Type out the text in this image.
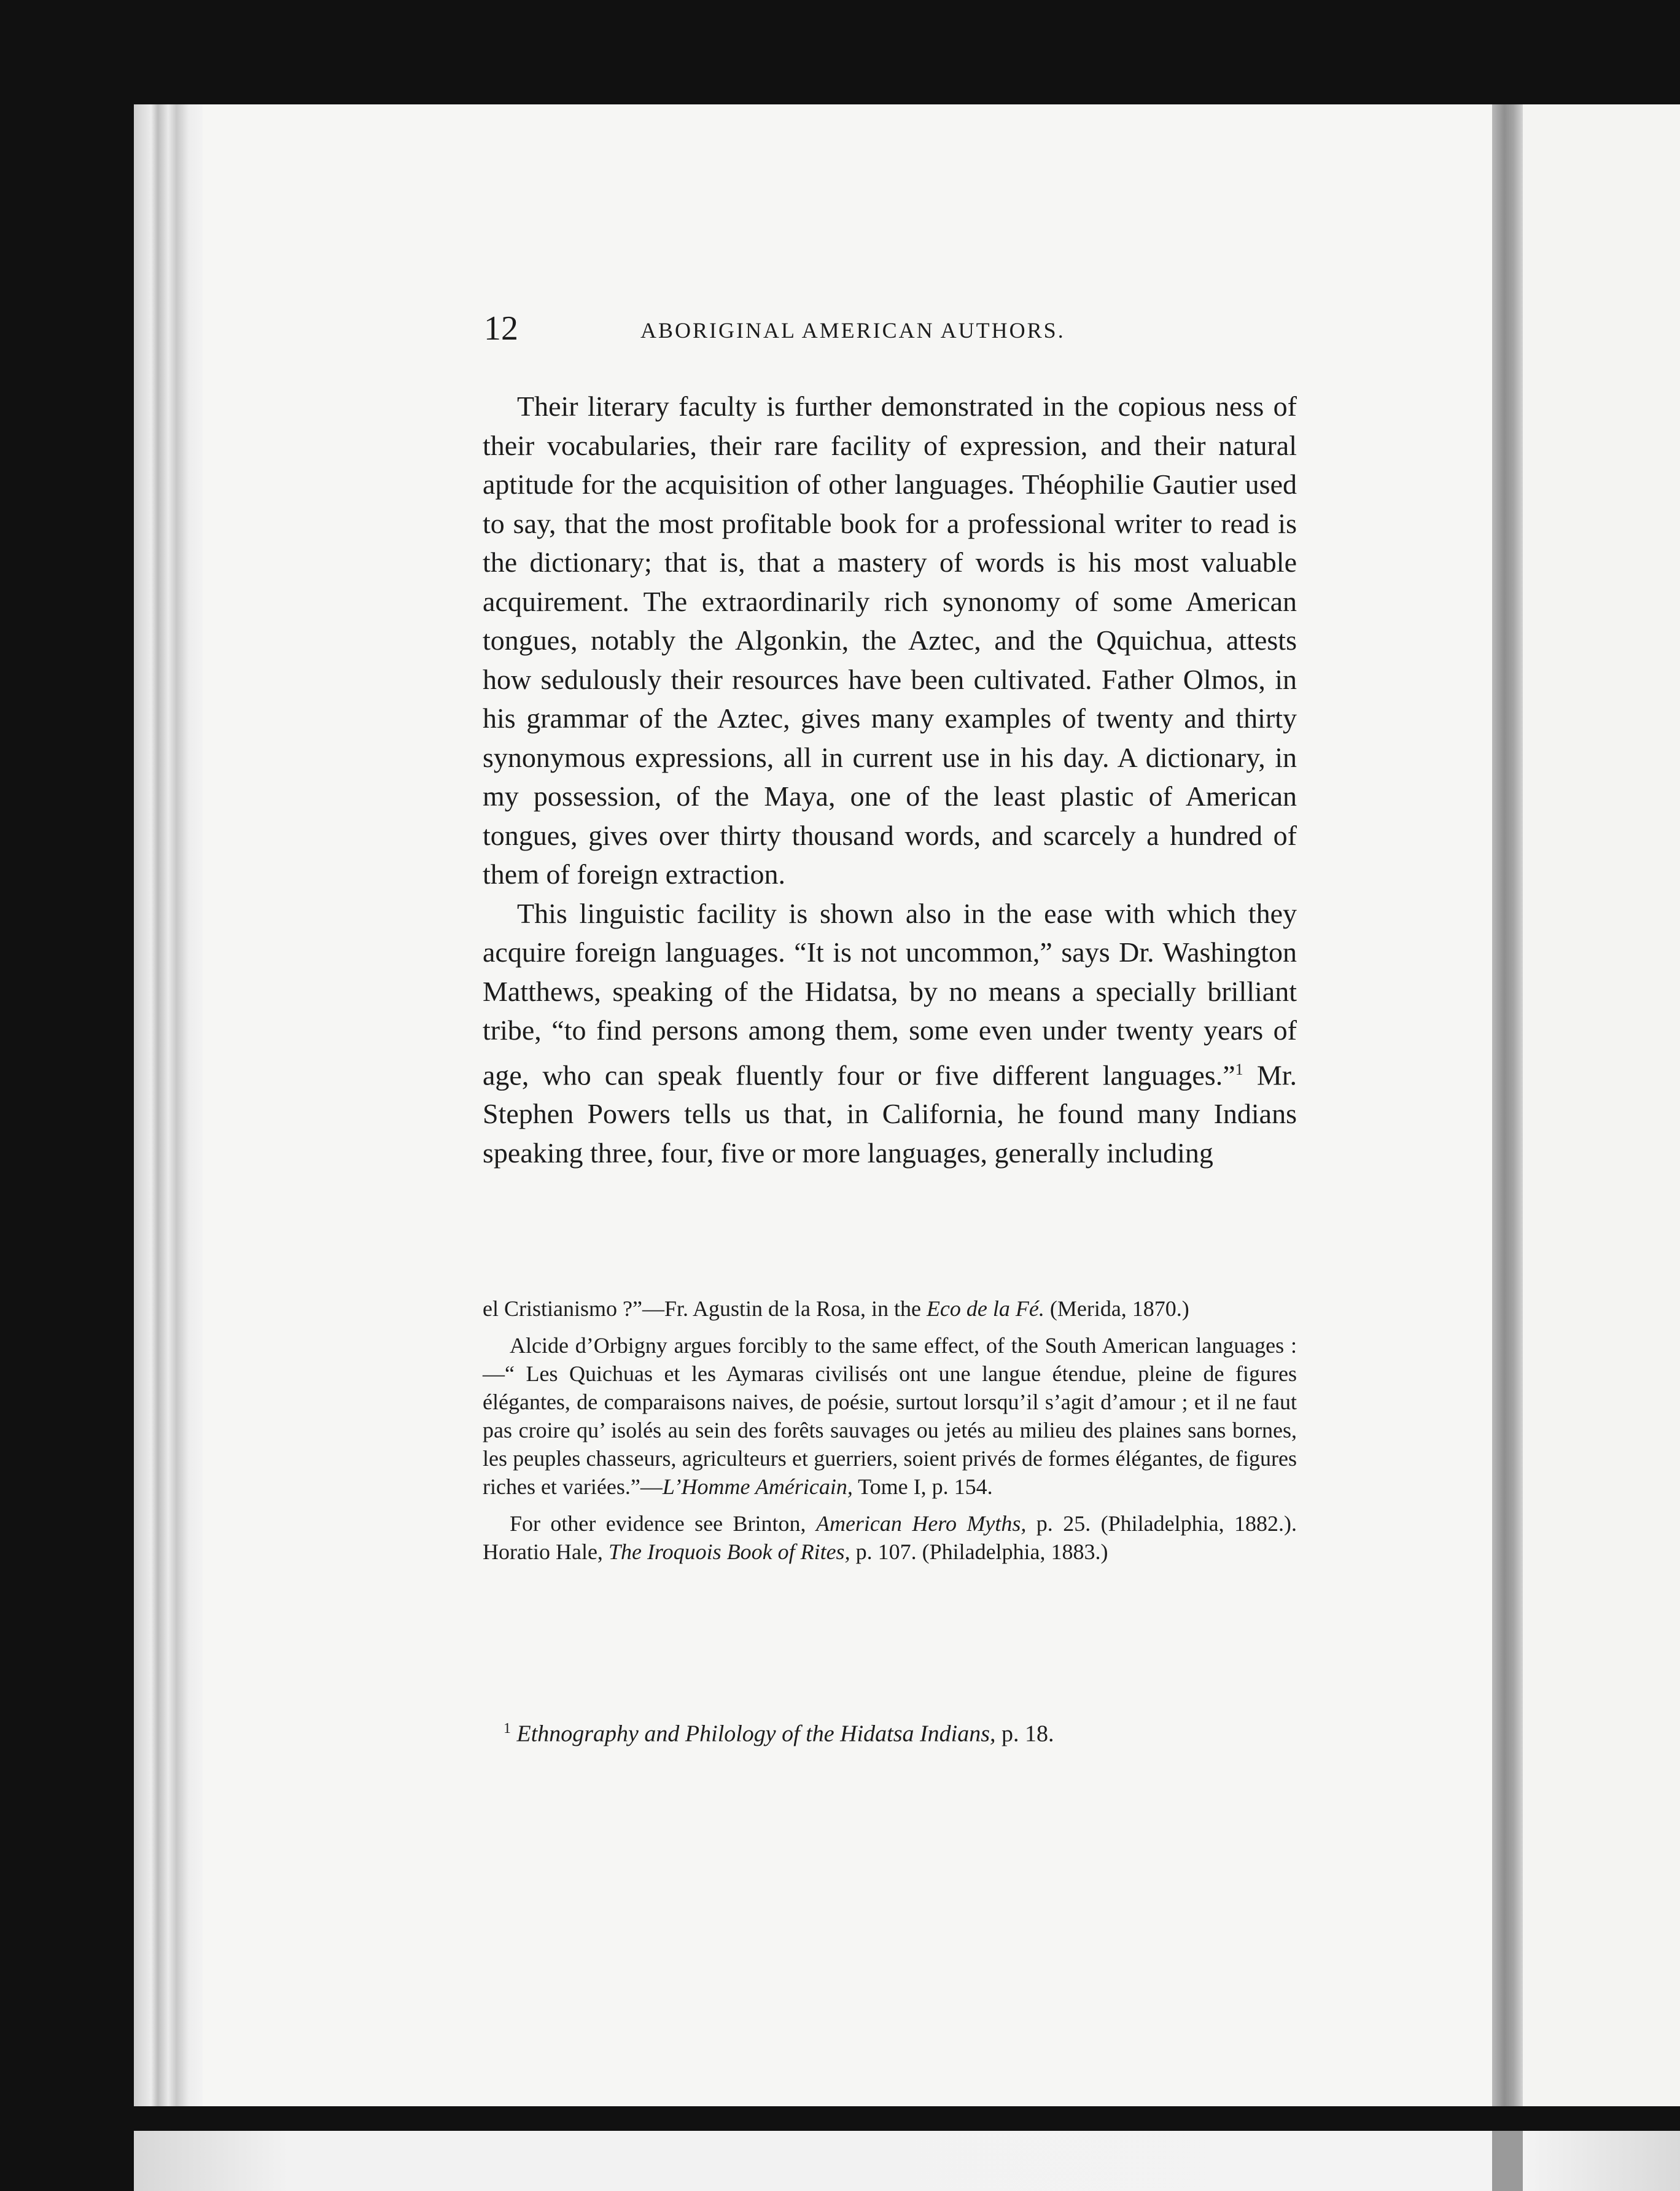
12	ABORIGINAL AMERICAN AUTHORS.

Their literary faculty is further demonstrated in the copious ness of their vocabularies, their rare facility of expression, and their natural aptitude for the acquisition of other languages. Théophilie Gautier used to say, that the most profitable book for a professional writer to read is the dictionary; that is, that a mastery of words is his most valuable acquirement. The extraordinarily rich synonomy of some American tongues, notably the Algonkin, the Aztec, and the Qquichua, attests how sedulously their resources have been cultivated. Father Olmos, in his grammar of the Aztec, gives many examples of twenty and thirty synonymous expressions, all in current use in his day. A dictionary, in my possession, of the Maya, one of the least plastic of American tongues, gives over thirty thousand words, and scarcely a hundred of them of foreign extraction.

This linguistic facility is shown also in the ease with which they acquire foreign languages. “It is not uncommon,” says Dr. Washington Matthews, speaking of the Hidatsa, by no means a specially brilliant tribe, “to find persons among them, some even under twenty years of age, who can speak fluently four or five different languages.”$^1$ Mr. Stephen Powers tells us that, in California, he found many Indians speaking three, four, five or more languages, generally including

el Cristianismo ?”—Fr. Agustin de la Rosa, in the Eco de la Fé. (Merida, 1870.)

Alcide d’Orbigny argues forcibly to the same effect, of the South American languages :—“ Les Quichuas et les Aymaras civilisés ont une langue étendue, pleine de figures élégantes, de comparaisons naives, de poésie, surtout lorsqu’il s’agit d’amour ; et il ne faut pas croire qu’ isolés au sein des forêts sauvages ou jetés au milieu des plaines sans bornes, les peuples chasseurs, agriculteurs et guerriers, soient privés de formes élégantes, de figures riches et variées.”—L’Homme Américain, Tome I, p. 154.

For other evidence see Brinton, American Hero Myths, p. 25. (Philadelphia, 1882.). Horatio Hale, The Iroquois Book of Rites, p. 107. (Philadelphia, 1883.)

$^1$ Ethnography and Philology of the Hidatsa Indians, p. 18.
